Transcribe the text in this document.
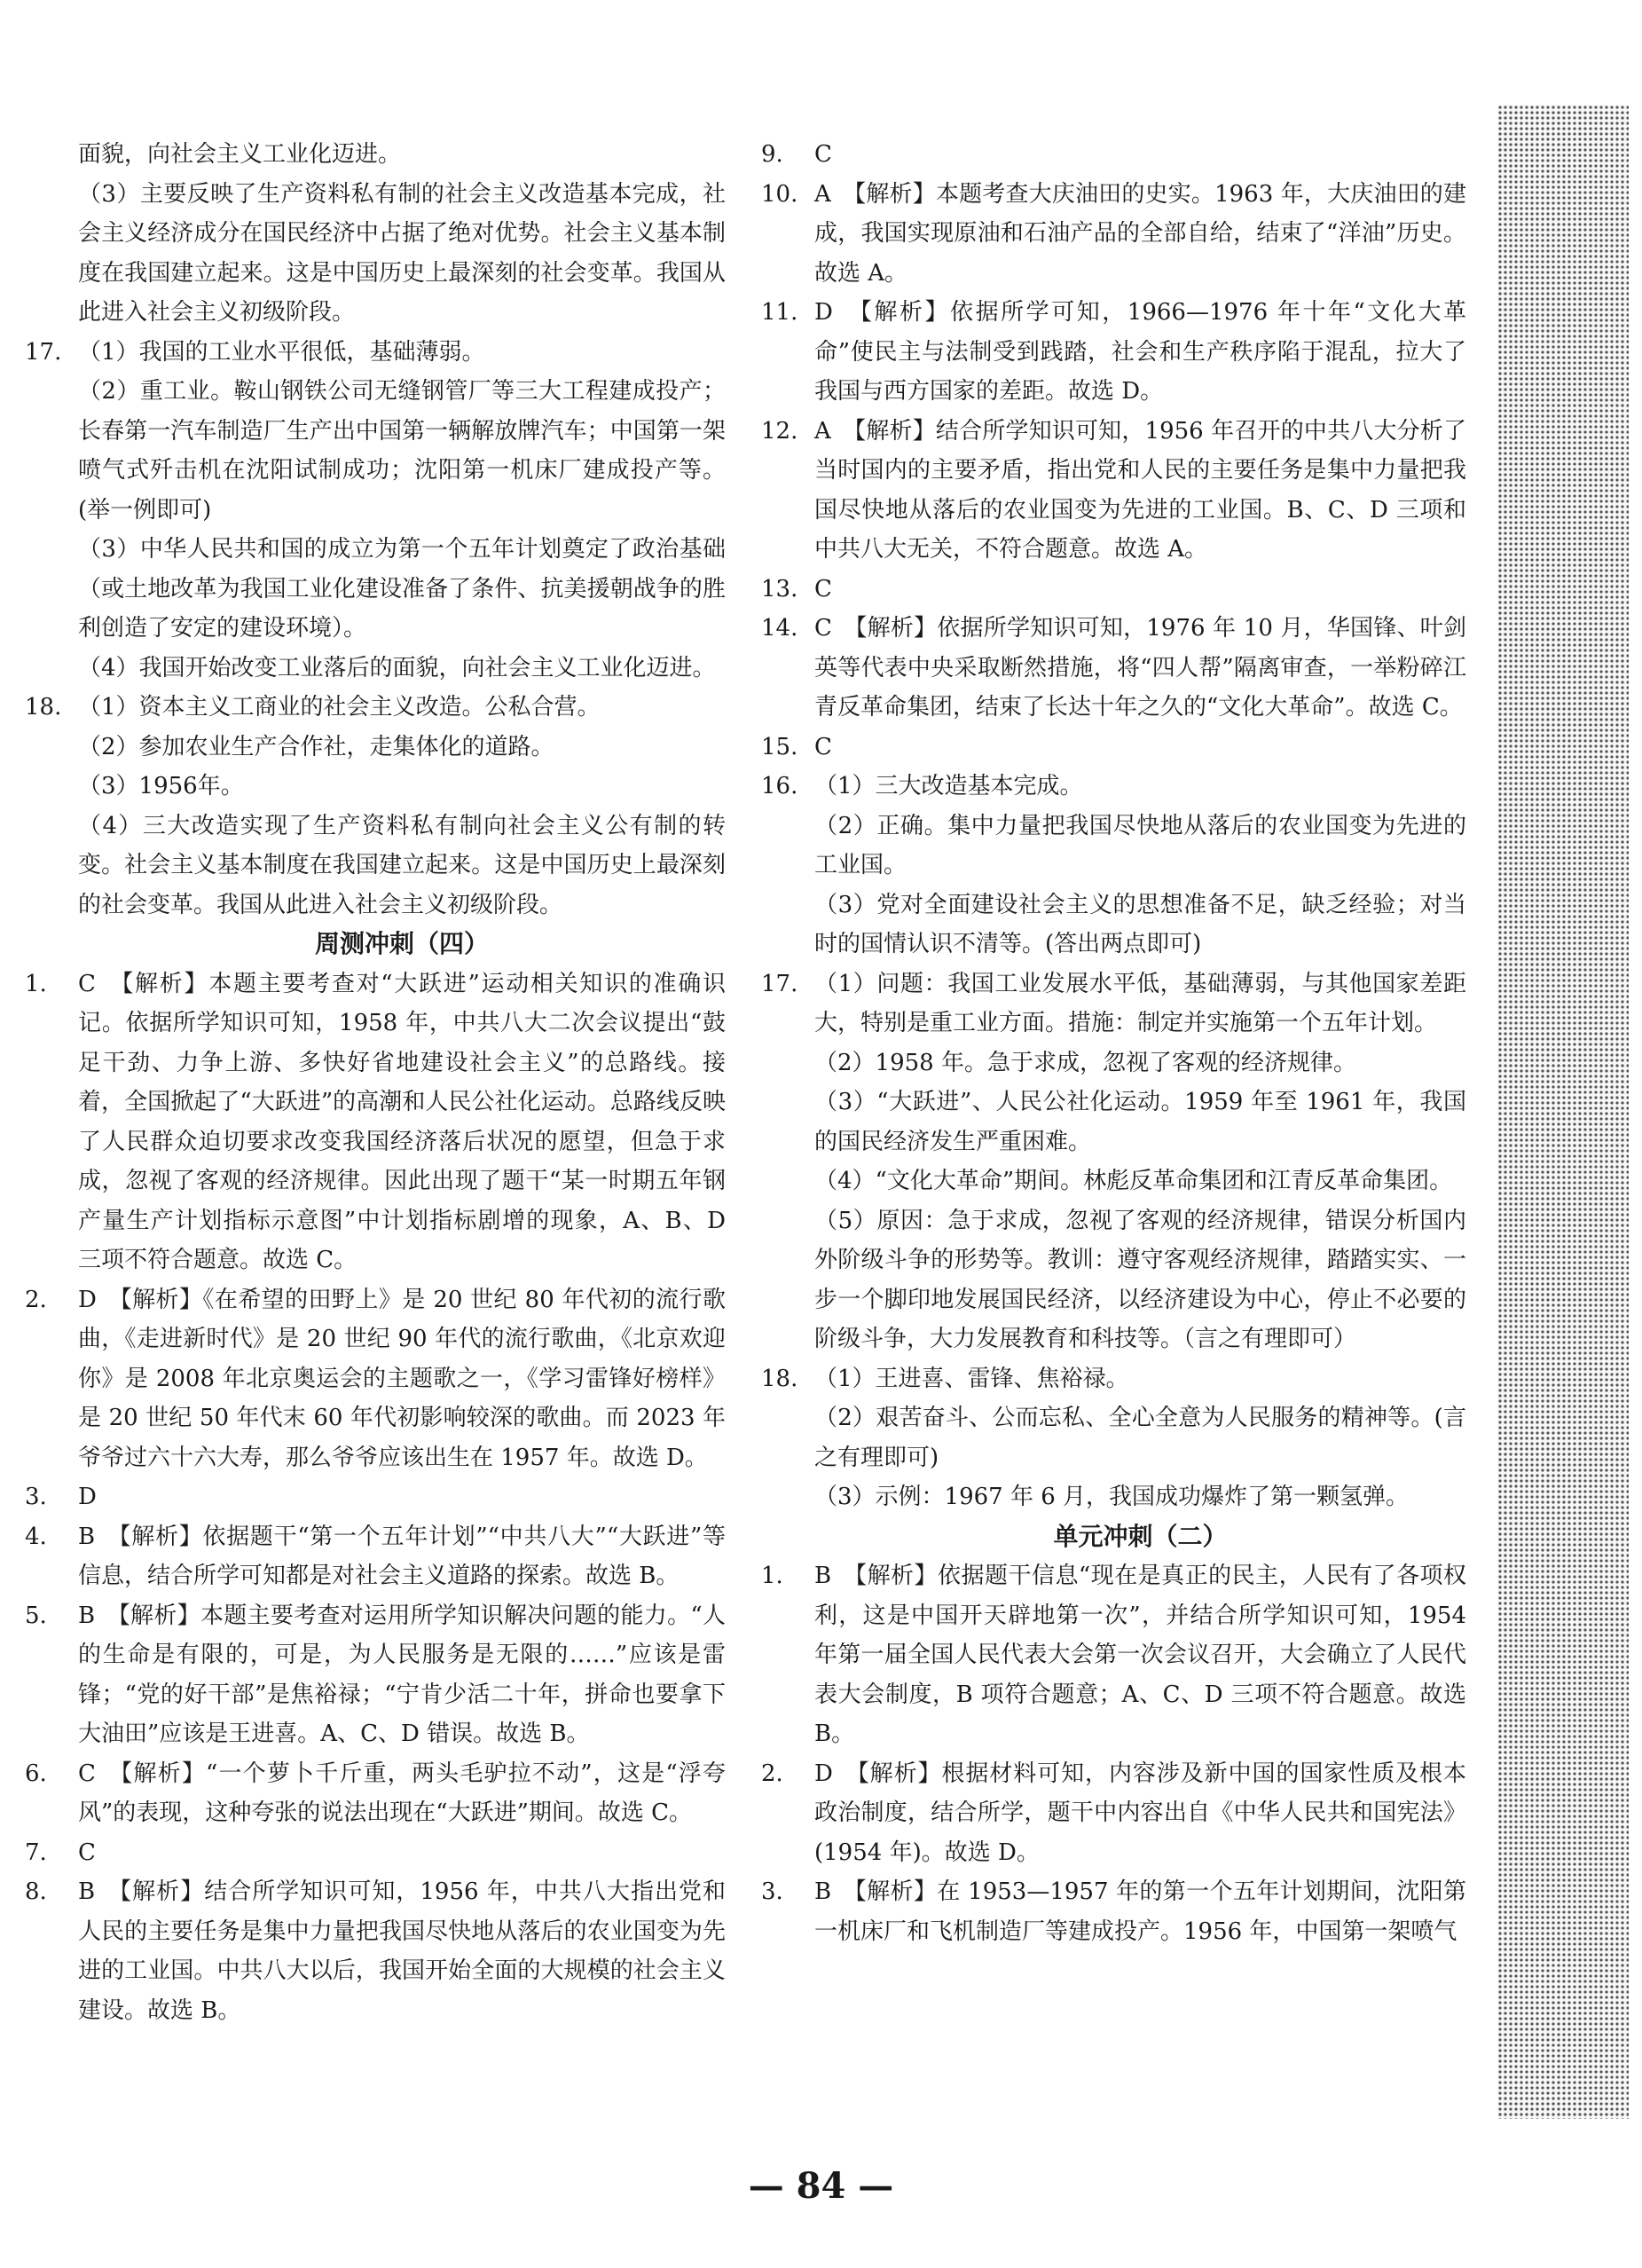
面貌，向社会主义工业化迈进。

（3）主要反映了生产资料私有制的社会主义改造基本完成，社会主义经济成分在国民经济中占据了绝对优势。社会主义基本制度在我国建立起来。这是中国历史上最深刻的社会变革。我国从此进入社会主义初级阶段。

17. （1）我国的工业水平很低，基础薄弱。

（2）重工业。鞍山钢铁公司无缝钢管厂等三大工程建成投产；长春第一汽车制造厂生产出中国第一辆解放牌汽车；中国第一架喷气式歼击机在沈阳试制成功；沈阳第一机床厂建成投产等。(举一例即可)

（3）中华人民共和国的成立为第一个五年计划奠定了政治基础（或土地改革为我国工业化建设准备了条件、抗美援朝战争的胜利创造了安定的建设环境）。

（4）我国开始改变工业落后的面貌，向社会主义工业化迈进。

18. （1）资本主义工商业的社会主义改造。公私合营。

（2）参加农业生产合作社，走集体化的道路。

（3）1956年。

（4）三大改造实现了生产资料私有制向社会主义公有制的转变。社会主义基本制度在我国建立起来。这是中国历史上最深刻的社会变革。我国从此进入社会主义初级阶段。

周测冲刺（四）

1.	C　【解析】本题主要考查对“大跃进”运动相关知识的准确识记。依据所学知识可知，1958 年，中共八大二次会议提出“鼓足干劲、力争上游、多快好省地建设社会主义”的总路线。接着，全国掀起了“大跃进”的高潮和人民公社化运动。总路线反映了人民群众迫切要求改变我国经济落后状况的愿望，但急于求成，忽视了客观的经济规律。因此出现了题干“某一时期五年钢产量生产计划指标示意图”中计划指标剧增的现象，A、B、D 三项不符合题意。故选 C。

2.	D　【解析】《在希望的田野上》是 20 世纪 80 年代初的流行歌曲，《走进新时代》是 20 世纪 90 年代的流行歌曲，《北京欢迎你》是 2008 年北京奥运会的主题歌之一，《学习雷锋好榜样》是 20 世纪 50 年代末 60 年代初影响较深的歌曲。而 2023 年爷爷过六十六大寿，那么爷爷应该出生在 1957 年。故选 D。

3.	D

4.	B　【解析】依据题干“第一个五年计划”“中共八大”“大跃进”等信息，结合所学可知都是对社会主义道路的探索。故选 B。

5.	B　【解析】本题主要考查对运用所学知识解决问题的能力。“人的生命是有限的，可是，为人民服务是无限的……”应该是雷锋；“党的好干部”是焦裕禄；“宁肯少活二十年，拼命也要拿下大油田”应该是王进喜。A、C、D 错误。故选 B。

6.	C　【解析】“一个萝卜千斤重，两头毛驴拉不动”，这是“浮夸风”的表现，这种夸张的说法出现在“大跃进”期间。故选 C。

7.	C

8.	B　【解析】结合所学知识可知，1956 年，中共八大指出党和人民的主要任务是集中力量把我国尽快地从落后的农业国变为先进的工业国。中共八大以后，我国开始全面的大规模的社会主义建设。故选 B。

9.	C

10. A　【解析】本题考查大庆油田的史实。1963 年，大庆油田的建成，我国实现原油和石油产品的全部自给，结束了“洋油”历史。故选 A。

11. D　【解析】依据所学可知，1966—1976 年十年“文化大革命”使民主与法制受到践踏，社会和生产秩序陷于混乱，拉大了我国与西方国家的差距。故选 D。

12. A　【解析】结合所学知识可知，1956 年召开的中共八大分析了当时国内的主要矛盾，指出党和人民的主要任务是集中力量把我国尽快地从落后的农业国变为先进的工业国。B、C、D 三项和中共八大无关，不符合题意。故选 A。

13. C

14. C　【解析】依据所学知识可知，1976 年 10 月，华国锋、叶剑英等代表中央采取断然措施，将“四人帮”隔离审查，一举粉碎江青反革命集团，结束了长达十年之久的“文化大革命”。故选 C。

15. C

16. （1）三大改造基本完成。

（2）正确。集中力量把我国尽快地从落后的农业国变为先进的工业国。

（3）党对全面建设社会主义的思想准备不足，缺乏经验；对当时的国情认识不清等。(答出两点即可)

17. （1）问题：我国工业发展水平低，基础薄弱，与其他国家差距大，特别是重工业方面。措施：制定并实施第一个五年计划。

（2）1958 年。急于求成，忽视了客观的经济规律。

（3）“大跃进”、人民公社化运动。1959 年至 1961 年，我国的国民经济发生严重困难。

（4）“文化大革命”期间。林彪反革命集团和江青反革命集团。

（5）原因：急于求成，忽视了客观的经济规律，错误分析国内外阶级斗争的形势等。教训：遵守客观经济规律，踏踏实实、一步一个脚印地发展国民经济，以经济建设为中心，停止不必要的阶级斗争，大力发展教育和科技等。（言之有理即可）

18. （1）王进喜、雷锋、焦裕禄。

（2）艰苦奋斗、公而忘私、全心全意为人民服务的精神等。(言之有理即可)

（3）示例：1967 年 6 月，我国成功爆炸了第一颗氢弹。

单元冲刺（二）

1.	B　【解析】依据题干信息“现在是真正的民主，人民有了各项权利，这是中国开天辟地第一次”，并结合所学知识可知，1954 年第一届全国人民代表大会第一次会议召开，大会确立了人民代表大会制度，B 项符合题意；A、C、D 三项不符合题意。故选 B。

2.	D　【解析】根据材料可知，内容涉及新中国的国家性质及根本政治制度，结合所学，题干中内容出自《中华人民共和国宪法》(1954 年)。故选 D。

3.	B　【解析】在 1953—1957 年的第一个五年计划期间，沈阳第一机床厂和飞机制造厂等建成投产。1956 年，中国第一架喷气

— 84 —
